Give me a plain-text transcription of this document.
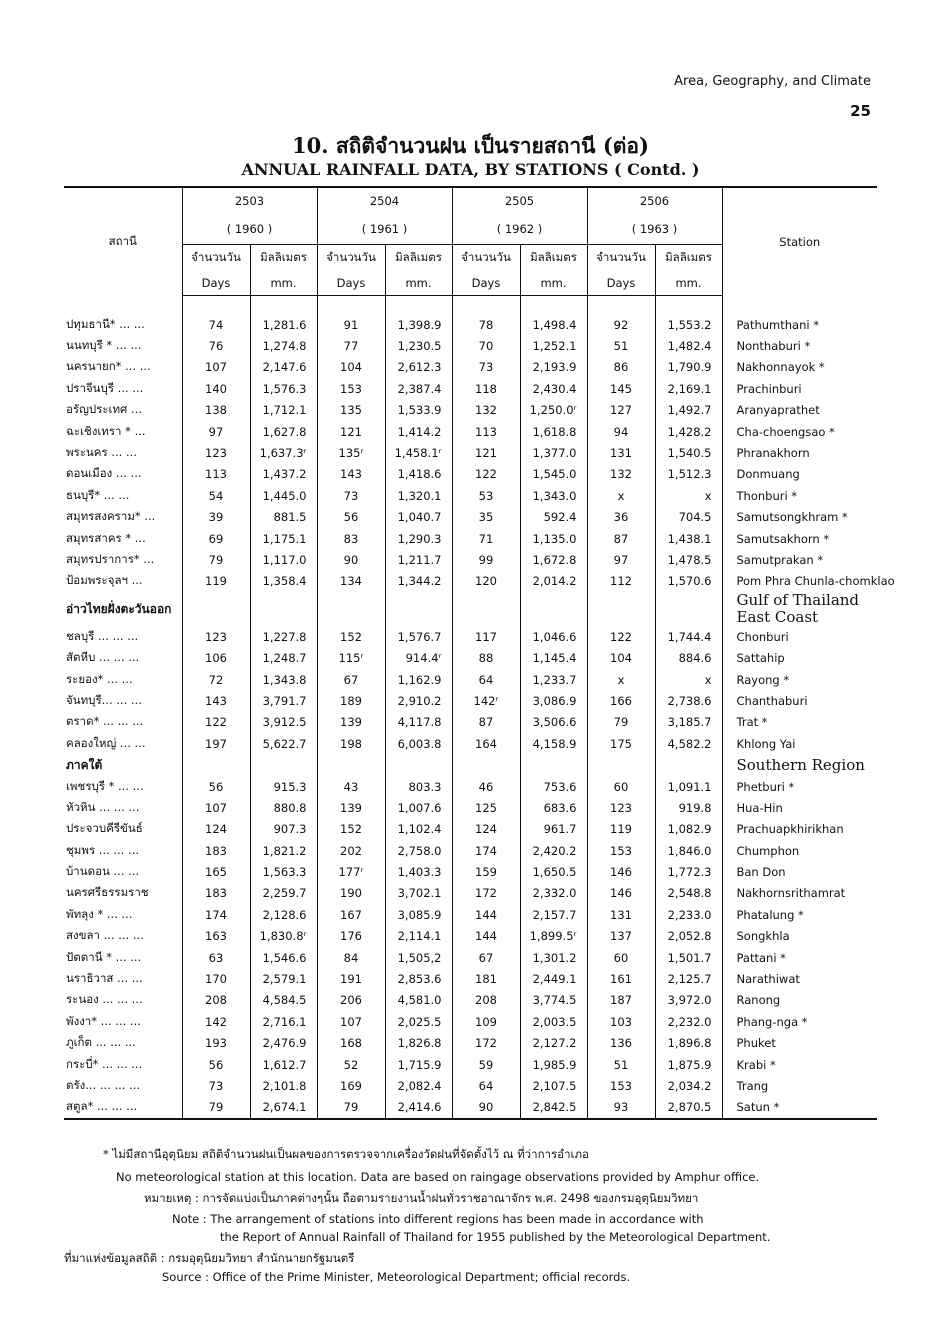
Area, Geography, and Climate
25
10. สถิติจำนวนฝน เป็นรายสถานี (ต่อ)
ANNUAL RAINFALL DATA, BY STATIONS ( Contd. )
สถานี	2503		2504		2505		2506		Station
	( 1960 )		( 1961 )		( 1962 )		( 1963 )		
	จำนวนวัน	มิลลิเมตร	จำนวนวัน	มิลลิเมตร	จำนวนวัน	มิลลิเมตร	จำนวนวัน	มิลลิเมตร	
	Days	mm.	Days	mm.	Days	mm.	Days	mm.	

ปทุมธานี* ... ...	74	1,281.6	91	1,398.9	78	1,498.4	92	1,553.2	Pathumthani *
นนทบุรี * ... ...	76	1,274.8	77	1,230.5	70	1,252.1	51	1,482.4	Nonthaburi *
นครนายก* ... ...	107	2,147.6	104	2,612.3	73	2,193.9	86	1,790.9	Nakhonnayok *
ปราจีนบุรี ... ...	140	1,576.3	153	2,387.4	118	2,430.4	145	2,169.1	Prachinburi
อรัญประเทศ ...	138	1,712.1	135	1,533.9	132	1,250.0ʳ	127	1,492.7	Aranyaprathet
ฉะเชิงเทรา * ...	97	1,627.8	121	1,414.2	113	1,618.8	94	1,428.2	Cha-choengsao *
พระนคร ... ...	123	1,637.3ʳ	135ʳ	1,458.1ʳ	121	1,377.0	131	1,540.5	Phranakhorn
ดอนเมือง ... ...	113	1,437.2	143	1,418.6	122	1,545.0	132	1,512.3	Donmuang
ธนบุรี* ... ...	54	1,445.0	73	1,320.1	53	1,343.0	x	x	Thonburi *
สมุทรสงคราม* ...	39	881.5	56	1,040.7	35	592.4	36	704.5	Samutsongkhram *
สมุทรสาคร * ...	69	1,175.1	83	1,290.3	71	1,135.0	87	1,438.1	Samutsakhorn *
สมุทรปราการ* ...	79	1,117.0	90	1,211.7	99	1,672.8	97	1,478.5	Samutprakan *
ป้อมพระจุลฯ ...	119	1,358.4	134	1,344.2	120	2,014.2	112	1,570.6	Pom Phra Chunla-chomklao
อ่าวไทยฝั่งตะวันออก									Gulf of Thailand East Coast
ชลบุรี ... ... ...	123	1,227.8	152	1,576.7	117	1,046.6	122	1,744.4	Chonburi
สัตหีบ ... ... ...	106	1,248.7	115ʳ	914.4ʳ	88	1,145.4	104	884.6	Sattahip
ระยอง* ... ...	72	1,343.8	67	1,162.9	64	1,233.7	x	x	Rayong *
จันทบุรี... ... ...	143	3,791.7	189	2,910.2	142ʳ	3,086.9	166	2,738.6	Chanthaburi
ตราด* ... ... ...	122	3,912.5	139	4,117.8	87	3,506.6	79	3,185.7	Trat *
คลองใหญ่ ... ...	197	5,622.7	198	6,003.8	164	4,158.9	175	4,582.2	Khlong Yai
ภาคใต้									Southern Region
เพชรบุรี * ... ...	56	915.3	43	803.3	46	753.6	60	1,091.1	Phetburi *
หัวหิน ... ... ...	107	880.8	139	1,007.6	125	683.6	123	919.8	Hua-Hin
ประจวบคีรีขันธ์	124	907.3	152	1,102.4	124	961.7	119	1,082.9	Prachuapkhirikhan
ชุมพร ... ... ...	183	1,821.2	202	2,758.0	174	2,420.2	153	1,846.0	Chumphon
บ้านดอน ... ...	165	1,563.3	177ʳ	1,403.3	159	1,650.5	146	1,772.3	Ban Don
นครศรีธรรมราช	183	2,259.7	190	3,702.1	172	2,332.0	146	2,548.8	Nakhornsrithamrat
พัทลุง * ... ...	174	2,128.6	167	3,085.9	144	2,157.7	131	2,233.0	Phatalung *
สงขลา ... ... ...	163	1,830.8ʳ	176	2,114.1	144	1,899.5ʳ	137	2,052.8	Songkhla
ปัตตานี * ... ...	63	1,546.6	84	1,505,2	67	1,301.2	60	1,501.7	Pattani *
นราธิวาส ... ...	170	2,579.1	191	2,853.6	181	2,449.1	161	2,125.7	Narathiwat
ระนอง ... ... ...	208	4,584.5	206	4,581.0	208	3,774.5	187	3,972.0	Ranong
พังงา* ... ... ...	142	2,716.1	107	2,025.5	109	2,003.5	103	2,232.0	Phang-nga *
ภูเก็ต ... ... ...	193	2,476.9	168	1,826.8	172	2,127.2	136	1,896.8	Phuket
กระบี่* ... ... ...	56	1,612.7	52	1,715.9	59	1,985.9	51	1,875.9	Krabi *
ตรัง... ... ... ...	73	2,101.8	169	2,082.4	64	2,107.5	153	2,034.2	Trang
สตูล* ... ... ...	79	2,674.1	79	2,414.6	90	2,842.5	93	2,870.5	Satun *
* ไม่มีสถานีอุตุนิยม สถิติจำนวนฝนเป็นผลของการตรวจจากเครื่องวัดฝนที่จัดตั้งไว้ ณ ที่ว่าการอำเภอ
No meteorological station at this location. Data are based on raingage observations provided by Amphur office.
หมายเหตุ : การจัดแบ่งเป็นภาคต่างๆนั้น ถือตามรายงานน้ำฝนทั่วราชอาณาจักร พ.ศ. 2498 ของกรมอุตุนิยมวิทยา
Note : The arrangement of stations into different regions has been made in accordance with
the Report of Annual Rainfall of Thailand for 1955 published by the Meteorological Department.
ที่มาแห่งข้อมูลสถิติ : กรมอุตุนิยมวิทยา สำนักนายกรัฐมนตรี
Source : Office of the Prime Minister, Meteorological Department; official records.
